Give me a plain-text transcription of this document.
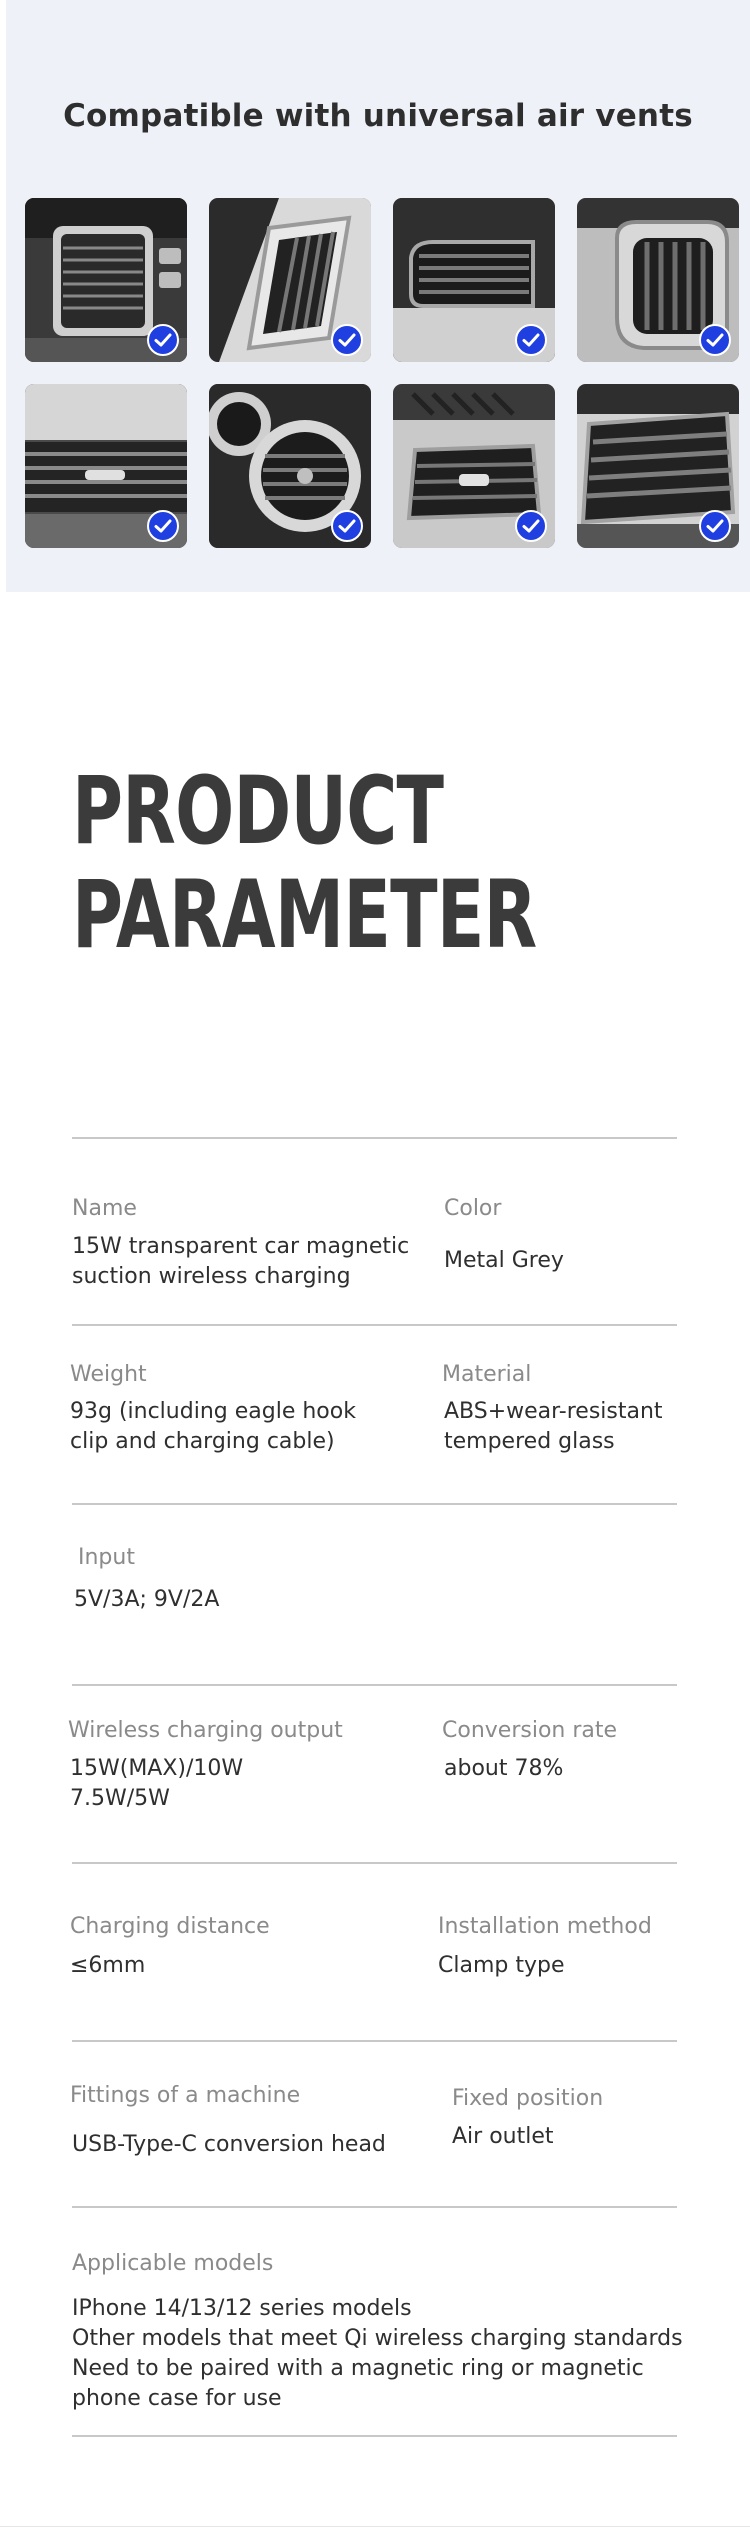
Compatible with universal air vents
PRODUCT
PARAMETER
Name
15W transparent car magnetic
suction wireless charging
Color
Metal Grey
Weight
93g (including eagle hook
clip and charging cable)
Material
ABS+wear-resistant
tempered glass
Input
5V/3A; 9V/2A
Wireless charging output
15W(MAX)/10W
7.5W/5W
Conversion rate
about 78%
Charging distance
≤6mm
Installation method
Clamp type
Fittings of a machine
USB-Type-C conversion head
Fixed position
Air outlet
Applicable models
IPhone 14/13/12 series models
Other models that meet Qi wireless charging standards
Need to be paired with a magnetic ring or magnetic
phone case for use
